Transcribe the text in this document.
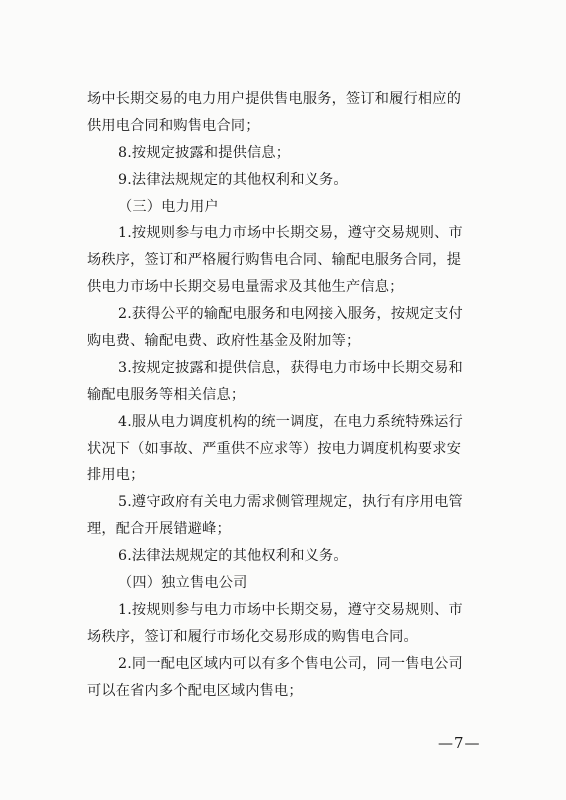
场中长期交易的电力用户提供售电服务，签订和履行相应的
供用电合同和购售电合同；
8.按规定披露和提供信息；
9.法律法规规定的其他权利和义务。
（三）电力用户
1.按规则参与电力市场中长期交易，遵守交易规则、市
场秩序，签订和严格履行购售电合同、输配电服务合同，提
供电力市场中长期交易电量需求及其他生产信息；
2.获得公平的输配电服务和电网接入服务，按规定支付
购电费、输配电费、政府性基金及附加等；
3.按规定披露和提供信息，获得电力市场中长期交易和
输配电服务等相关信息；
4.服从电力调度机构的统一调度，在电力系统特殊运行
状况下（如事故、严重供不应求等）按电力调度机构要求安
排用电；
5.遵守政府有关电力需求侧管理规定，执行有序用电管
理，配合开展错避峰；
6.法律法规规定的其他权利和义务。
（四）独立售电公司
1.按规则参与电力市场中长期交易，遵守交易规则、市
场秩序，签订和履行市场化交易形成的购售电合同。
2.同一配电区域内可以有多个售电公司，同一售电公司
可以在省内多个配电区域内售电；
—7—
